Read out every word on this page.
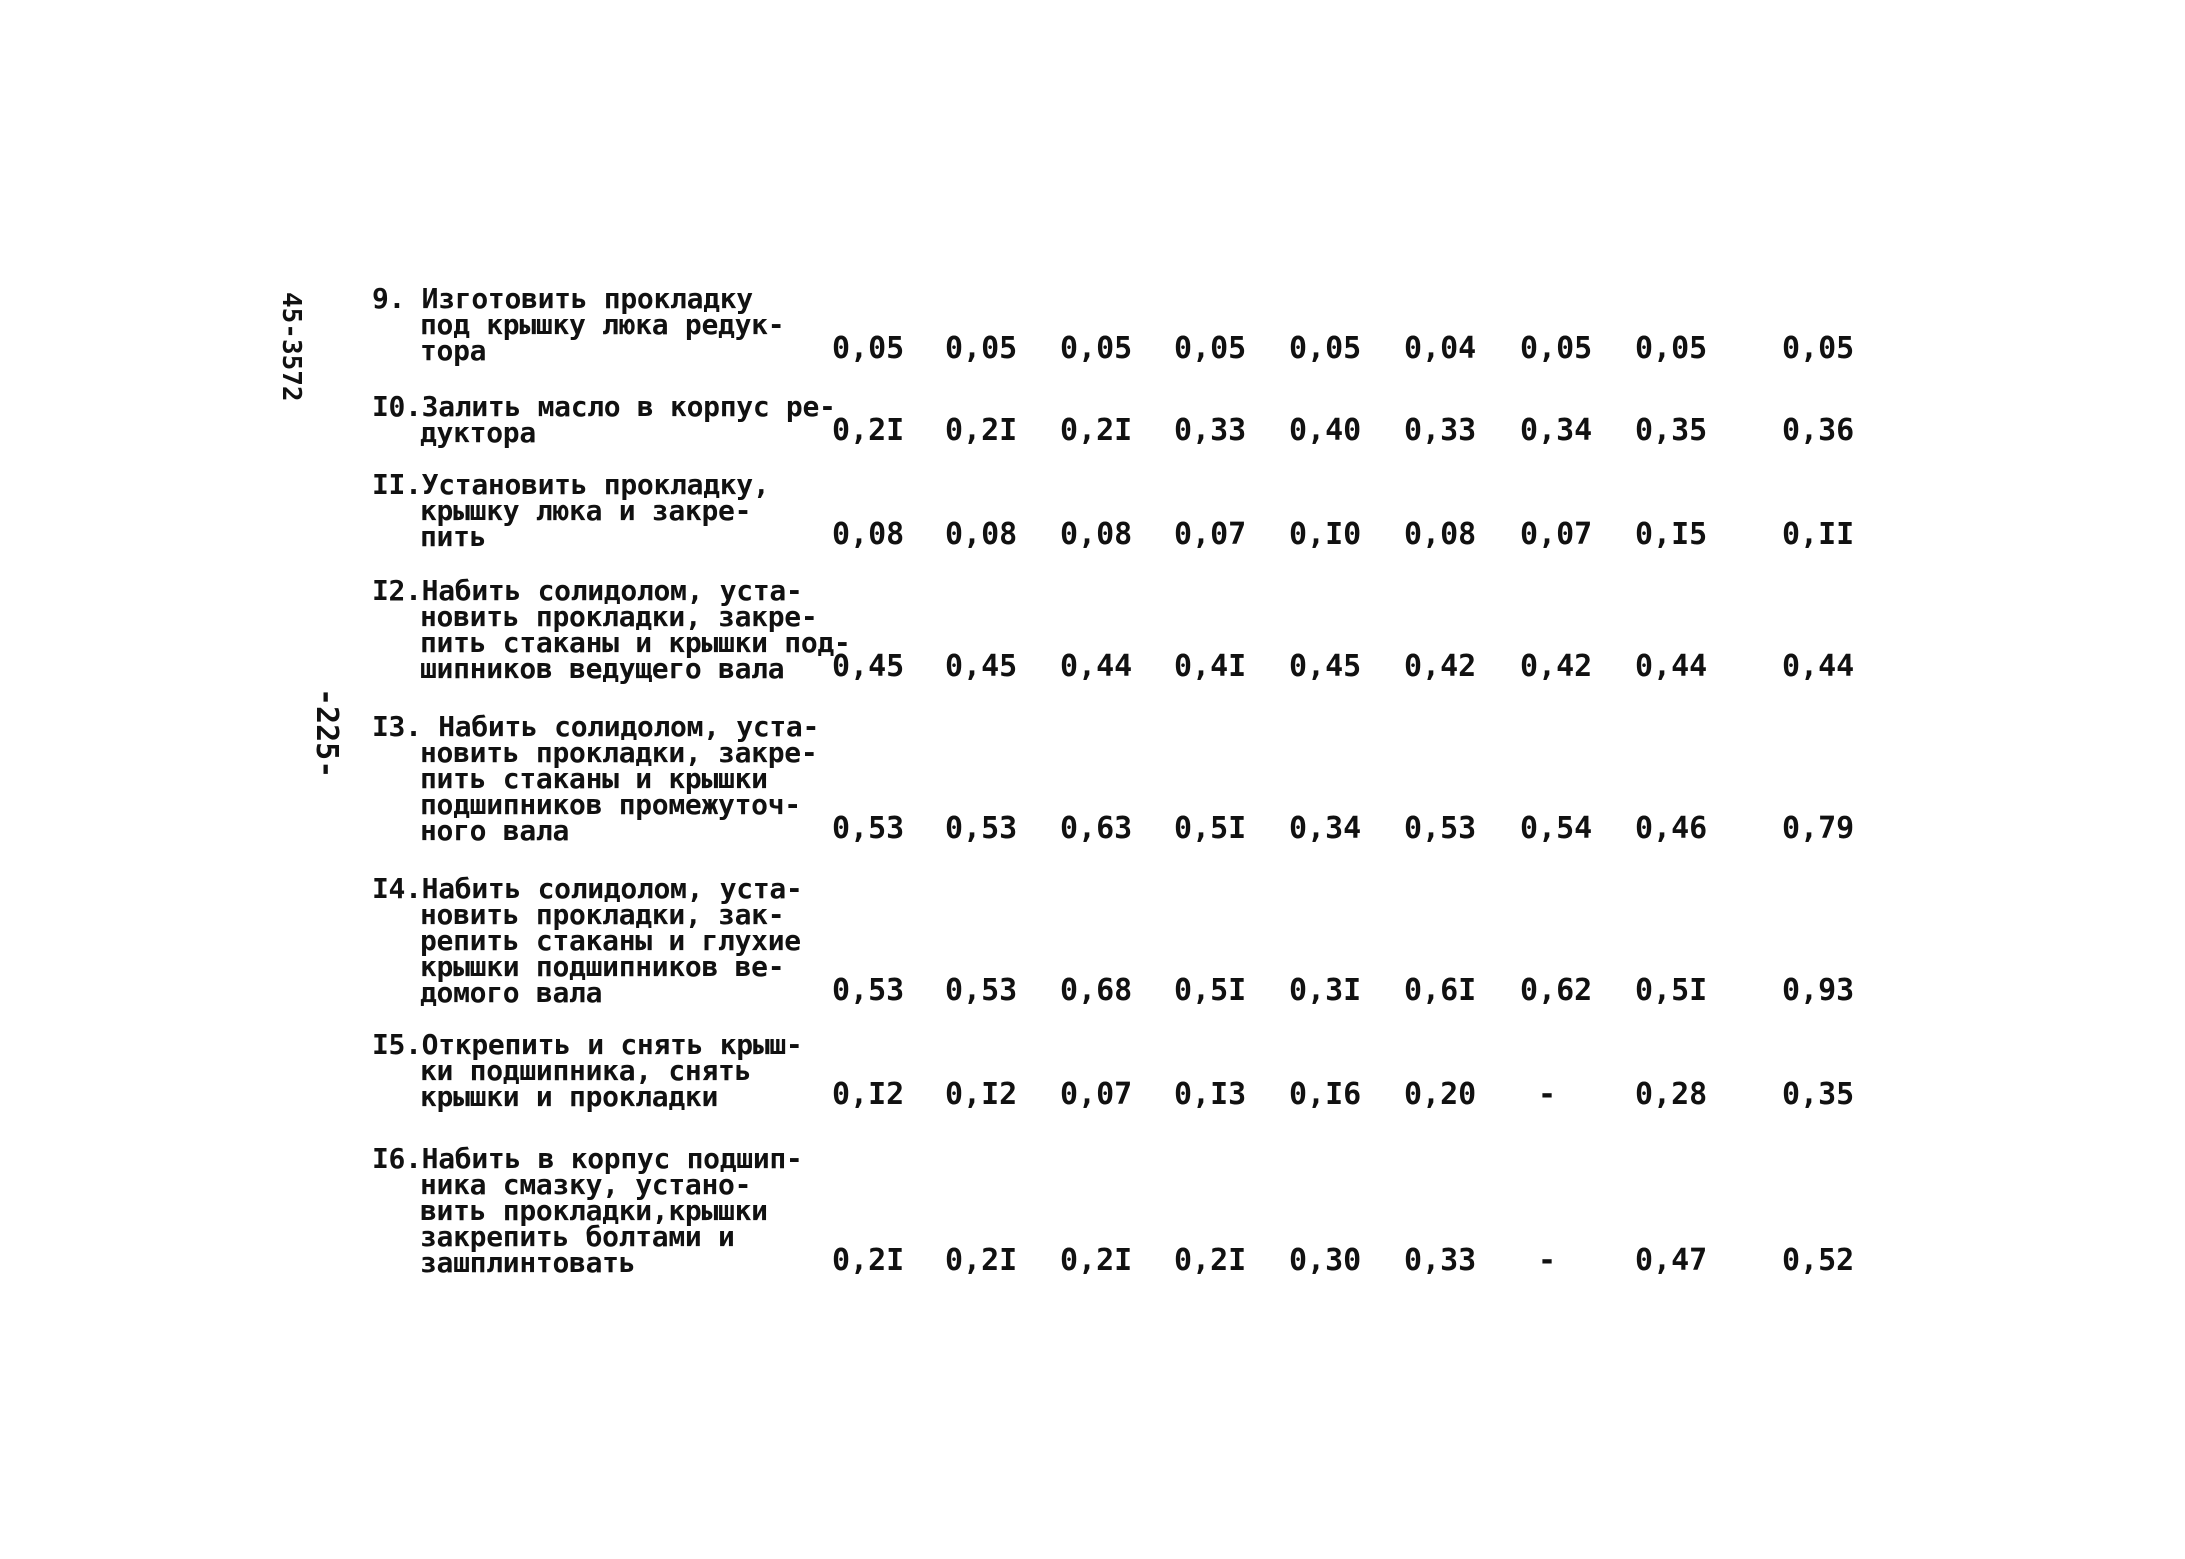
45-3572
-225-
9. Изготовить прокладку
под крышку люка редук-
тора	0,05 0,05 0,05 0,05 0,05 0,04 0,05 0,05 0,05
I0.Залить масло в корпус ре-
дуктора	0,2I 0,2I 0,2I 0,33 0,40 0,33 0,34 0,35 0,36
II.Установить прокладку,
крышку люка и закре-
пить	0,08 0,08 0,08 0,07 0,I0 0,08 0,07 0,I5 0,II
I2.Набить солидолом, уста-
новить прокладки, закре-
пить стаканы и крышки под-
шипников ведущего вала	0,45 0,45 0,44 0,4I 0,45 0,42 0,42 0,44 0,44
I3. Набить солидолом, уста-
новить прокладки, закре-
пить стаканы и крышки
подшипников промежуточ-
ного вала	0,53 0,53 0,63 0,5I 0,34 0,53 0,54 0,46 0,79
I4.Набить солидолом, уста-
новить прокладки, зак-
репить стаканы и глухие
крышки подшипников ве-
домого вала	0,53 0,53 0,68 0,5I 0,3I 0,6I 0,62 0,5I 0,93
I5.Открепить и снять крыш-
ки подшипника, снять
крышки и прокладки	0,I2 0,I2 0,07 0,I3 0,I6 0,20	-	0,28 0,35
I6.Набить в корпус подшип-
ника смазку, устано-
вить прокладки,крышки
закрепить болтами и
зашплинтовать	0,2I 0,2I 0,2I 0,2I 0,30 0,33	-	0,47 0,52
